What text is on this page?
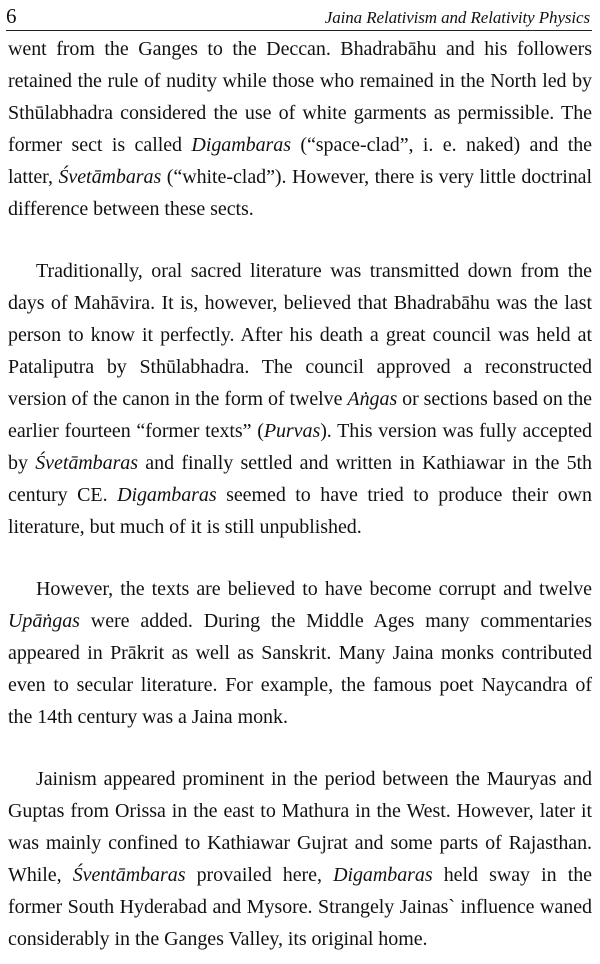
6	Jaina Relativism and Relativity Physics

went from the Ganges to the Deccan. Bhadrabāhu and his followers retained the rule of nudity while those who remained in the North led by Sthūlabhadra considered the use of white garments as permissible. The former sect is called Digambaras (“space-clad”, i. e. naked) and the latter, Śvetāmbaras (“white-clad”). However, there is very little doctrinal difference between these sects.

Traditionally, oral sacred literature was transmitted down from the days of Mahāvira. It is, however, believed that Bhadrabāhu was the last person to know it perfectly. After his death a great council was held at Pataliputra by Sthūlabhadra. The council approved a reconstructed version of the canon in the form of twelve Aṅgas or sections based on the earlier fourteen “former texts” (Purvas). This version was fully accepted by Śvetāmbaras and finally settled and written in Kathiawar in the 5th century CE. Digambaras seemed to have tried to produce their own literature, but much of it is still unpublished.

However, the texts are believed to have become corrupt and twelve Upāṅgas were added. During the Middle Ages many commentaries appeared in Prākrit as well as Sanskrit. Many Jaina monks contributed even to secular literature. For example, the famous poet Naycandra of the 14th century was a Jaina monk.

Jainism appeared prominent in the period between the Mauryas and Guptas from Orissa in the east to Mathura in the West. However, later it was mainly confined to Kathiawar Gujrat and some parts of Rajasthan. While, Śventāmbaras provailed here, Digambaras held sway in the former South Hyderabad and Mysore. Strangely Jainas` influence waned considerably in the Ganges Valley, its original home.
